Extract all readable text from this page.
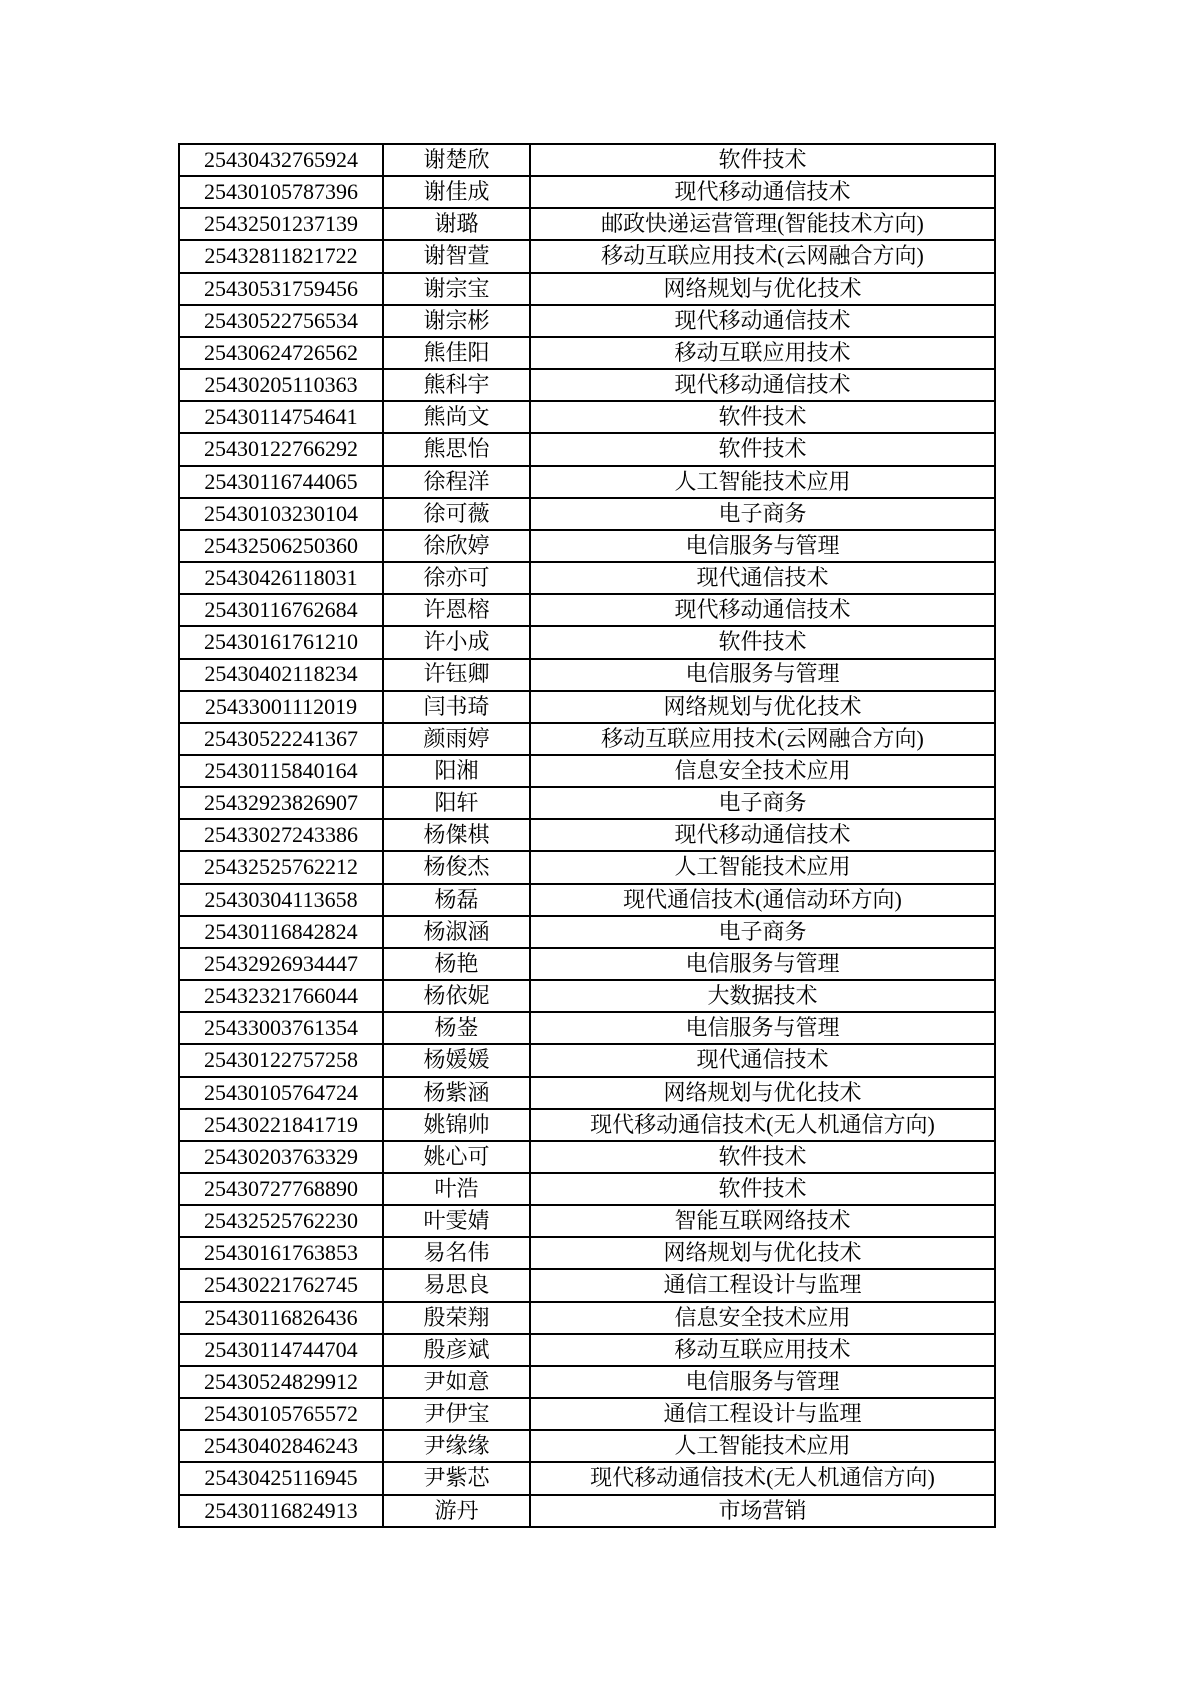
25430432765924	谢楚欣	软件技术
25430105787396	谢佳成	现代移动通信技术
25432501237139	谢璐	邮政快递运营管理(智能技术方向)
25432811821722	谢智萱	移动互联应用技术(云网融合方向)
25430531759456	谢宗宝	网络规划与优化技术
25430522756534	谢宗彬	现代移动通信技术
25430624726562	熊佳阳	移动互联应用技术
25430205110363	熊科宇	现代移动通信技术
25430114754641	熊尚文	软件技术
25430122766292	熊思怡	软件技术
25430116744065	徐程洋	人工智能技术应用
25430103230104	徐可薇	电子商务
25432506250360	徐欣婷	电信服务与管理
25430426118031	徐亦可	现代通信技术
25430116762684	许恩榕	现代移动通信技术
25430161761210	许小成	软件技术
25430402118234	许钰卿	电信服务与管理
25433001112019	闫书琦	网络规划与优化技术
25430522241367	颜雨婷	移动互联应用技术(云网融合方向)
25430115840164	阳湘	信息安全技术应用
25432923826907	阳轩	电子商务
25433027243386	杨傑棋	现代移动通信技术
25432525762212	杨俊杰	人工智能技术应用
25430304113658	杨磊	现代通信技术(通信动环方向)
25430116842824	杨淑涵	电子商务
25432926934447	杨艳	电信服务与管理
25432321766044	杨依妮	大数据技术
25433003761354	杨崟	电信服务与管理
25430122757258	杨媛媛	现代通信技术
25430105764724	杨紫涵	网络规划与优化技术
25430221841719	姚锦帅	现代移动通信技术(无人机通信方向)
25430203763329	姚心可	软件技术
25430727768890	叶浩	软件技术
25432525762230	叶雯婧	智能互联网络技术
25430161763853	易名伟	网络规划与优化技术
25430221762745	易思良	通信工程设计与监理
25430116826436	殷荣翔	信息安全技术应用
25430114744704	殷彦斌	移动互联应用技术
25430524829912	尹如意	电信服务与管理
25430105765572	尹伊宝	通信工程设计与监理
25430402846243	尹缘缘	人工智能技术应用
25430425116945	尹紫芯	现代移动通信技术(无人机通信方向)
25430116824913	游丹	市场营销
